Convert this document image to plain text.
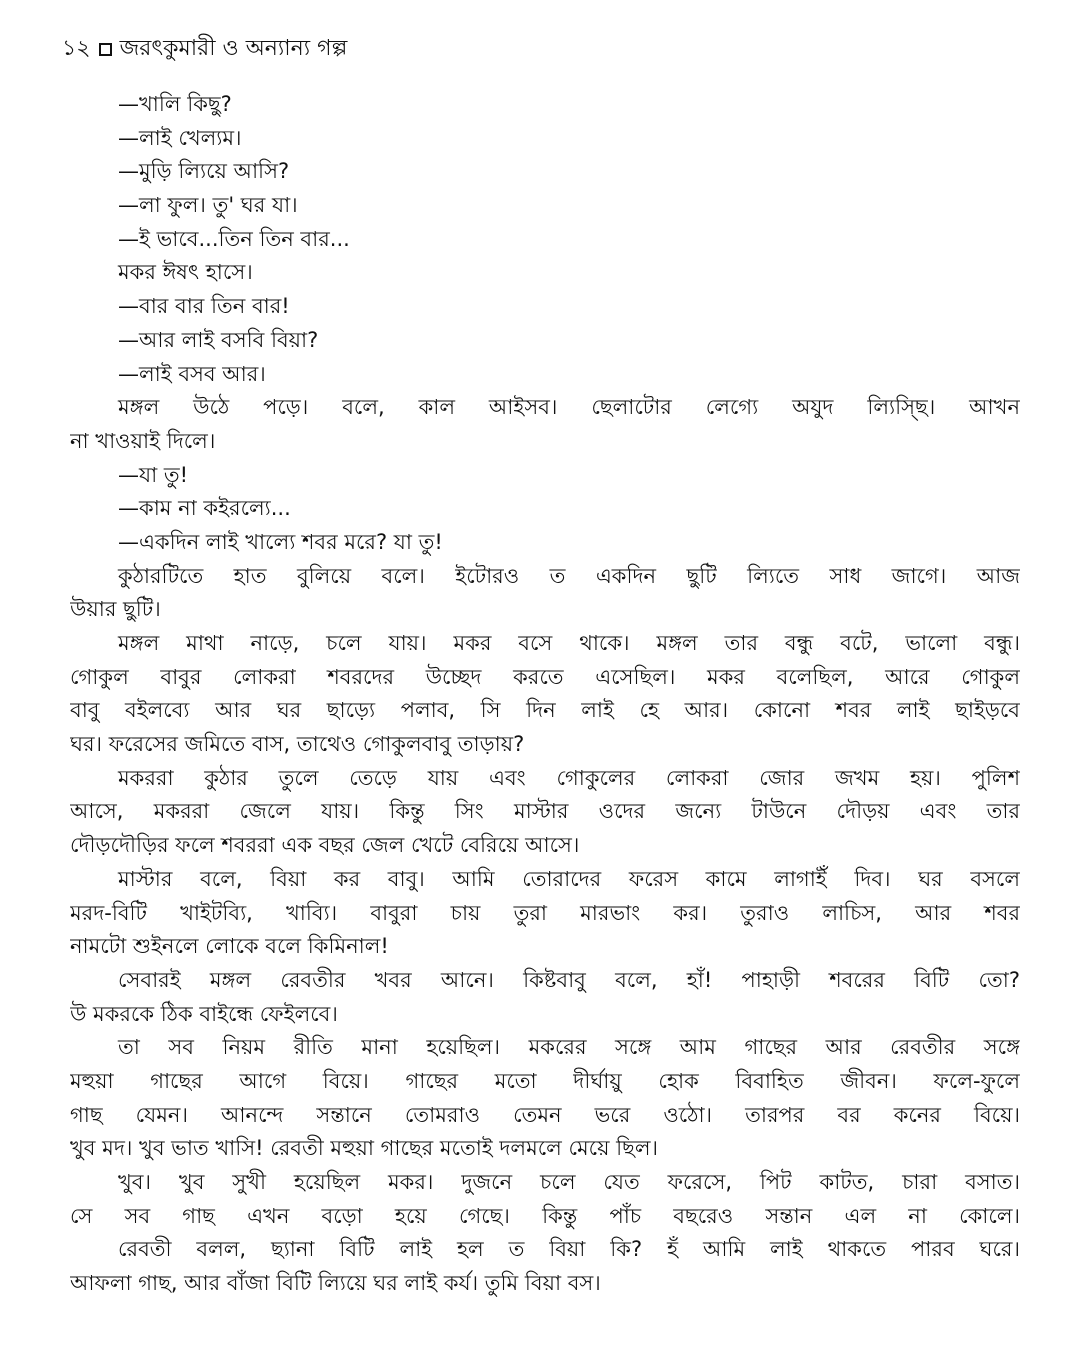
১২ জরৎকুমারী ও অন্যান্য গল্প
—খালি কিছু?
—লাই খেল্যম।
—মুড়ি ল্যিয়ে আসি?
—লা ফুল। তু' ঘর যা।
—ই ভাবে...তিন তিন বার...
মকর ঈষৎ হাসে।
—বার বার তিন বার!
—আর লাই বসবি বিয়া?
—লাই বসব আর।
মঙ্গল উঠে পড়ে। বলে, কাল আইসব। ছেলাটোর লেগ্যে অযুদ ল্যিস্ছি। আখন
না খাওয়াই দিলে।
—যা তু!
—কাম না কইরল্যে...
—একদিন লাই খাল্যে শবর মরে? যা তু!
কুঠারটিতে হাত বুলিয়ে বলে। ইটোরও ত একদিন ছুটি ল্যিতে সাধ জাগে। আজ
উয়ার ছুটি।
মঙ্গল মাথা নাড়ে, চলে যায়। মকর বসে থাকে। মঙ্গল তার বন্ধু বটে, ভালো বন্ধু।
গোকুল বাবুর লোকরা শবরদের উচ্ছেদ করতে এসেছিল। মকর বলেছিল, আরে গোকুল
বাবু বইলব্যে আর ঘর ছাড়্যে পলাব, সি দিন লাই হে আর। কোনো শবর লাই ছাইড়বে
ঘর। ফরেসের জমিতে বাস, তাথেও গোকুলবাবু তাড়ায়?
মকররা কুঠার তুলে তেড়ে যায় এবং গোকুলের লোকরা জোর জখম হয়। পুলিশ
আসে, মকররা জেলে যায়। কিন্তু সিং মাস্টার ওদের জন্যে টাউনে দৌড়য় এবং তার
দৌড়দৌড়ির ফলে শবররা এক বছর জেল খেটে বেরিয়ে আসে।
মাস্টার বলে, বিয়া কর বাবু। আমি তোরাদের ফরেস কামে লাগাইঁ দিব। ঘর বসলে
মরদ-বিটি খাইটব্যি, খাব্যি। বাবুরা চায় তুরা মারভাং কর। তুরাও লাচিস, আর শবর
নামটো শুইনলে লোকে বলে কিমিনাল!
সেবারই মঙ্গল রেবতীর খবর আনে। কিষ্টবাবু বলে, হাঁ! পাহাড়ী শবরের বিটি তো?
উ মকরকে ঠিক বাইন্ধে ফেইলবে।
তা সব নিয়ম রীতি মানা হয়েছিল। মকরের সঙ্গে আম গাছের আর রেবতীর সঙ্গে
মহুয়া গাছের আগে বিয়ে। গাছের মতো দীর্ঘায়ু হোক বিবাহিত জীবন। ফলে-ফুলে
গাছ যেমন। আনন্দে সন্তানে তোমরাও তেমন ভরে ওঠো। তারপর বর কনের বিয়ে।
খুব মদ। খুব ভাত খাসি! রেবতী মহুয়া গাছের মতোই দলমলে মেয়ে ছিল।
খুব। খুব সুখী হয়েছিল মকর। দুজনে চলে যেত ফরেসে, পিট কাটত, চারা বসাত।
সে সব গাছ এখন বড়ো হয়ে গেছে। কিন্তু পাঁচ বছরেও সন্তান এল না কোলে।
রেবতী বলল, ছ্যানা বিটি লাই হল ত বিয়া কি? হঁ আমি লাই থাকতে পারব ঘরে।
আফলা গাছ, আর বাঁজা বিটি ল্যিয়ে ঘর লাই কর্য। তুমি বিয়া বস।
